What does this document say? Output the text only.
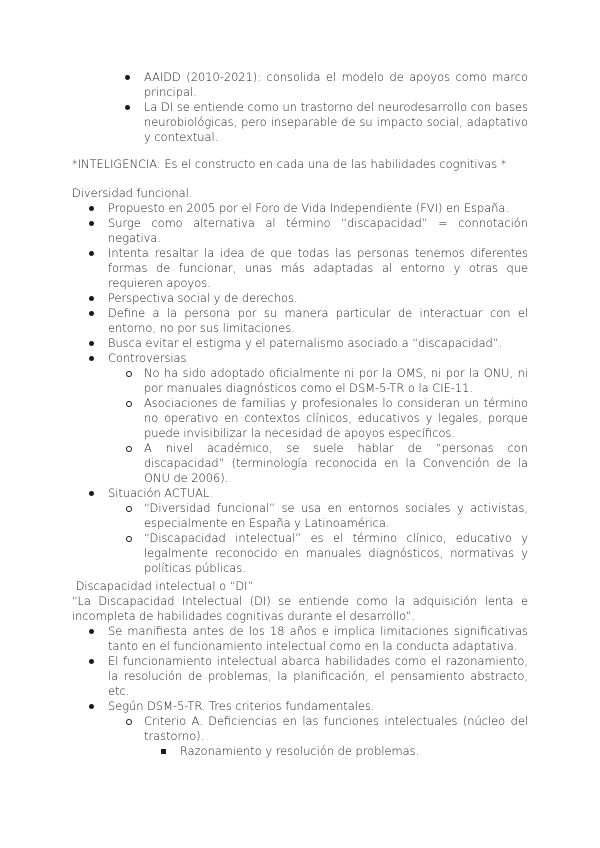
AAIDD (2010-2021): consolida el modelo de apoyos como marco principal.
La DI se entiende como un trastorno del neurodesarrollo con bases neurobiológicas, pero inseparable de su impacto social, adaptativo y contextual.

*INTELIGENCIA: Es el constructo en cada una de las habilidades cognitivas *

Diversidad funcional.

Propuesto en 2005 por el Foro de Vida Independiente (FVI) en España.
Surge como alternativa al término “discapacidad” = connotación negativa.
Intenta resaltar la idea de que todas las personas tenemos diferentes formas de funcionar, unas más adaptadas al entorno y otras que requieren apoyos.
Perspectiva social y de derechos.
Define a la persona por su manera particular de interactuar con el entorno, no por sus limitaciones.
Busca evitar el estigma y el paternalismo asociado a “discapacidad”.
Controversias
No ha sido adoptado oficialmente ni por la OMS, ni por la ONU, ni por manuales diagnósticos como el DSM-5-TR o la CIE-11.
Asociaciones de familias y profesionales lo consideran un término no operativo en contextos clínicos, educativos y legales, porque puede invisibilizar la necesidad de apoyos específicos.
A nivel académico, se suele hablar de “personas con discapacidad” (terminología reconocida en la Convención de la ONU de 2006).
Situación ACTUAL.
“Diversidad funcional” se usa en entornos sociales y activistas, especialmente en España y Latinoamérica.
“Discapacidad intelectual” es el término clínico, educativo y legalmente reconocido en manuales diagnósticos, normativas y políticas públicas.

Discapacidad intelectual o “DI”

“La Discapacidad Intelectual (DI) se entiende como la adquisición lenta e incompleta de habilidades cognitivas durante el desarrollo”.

Se manifiesta antes de los 18 años e implica limitaciones significativas tanto en el funcionamiento intelectual como en la conducta adaptativa.
El funcionamiento intelectual abarca habilidades como el razonamiento, la resolución de problemas, la planificación, el pensamiento abstracto, etc.
Según DSM-5-TR. Tres criterios fundamentales.
Criterio A. Deficiencias en las funciones intelectuales (núcleo del trastorno).
Razonamiento y resolución de problemas.
